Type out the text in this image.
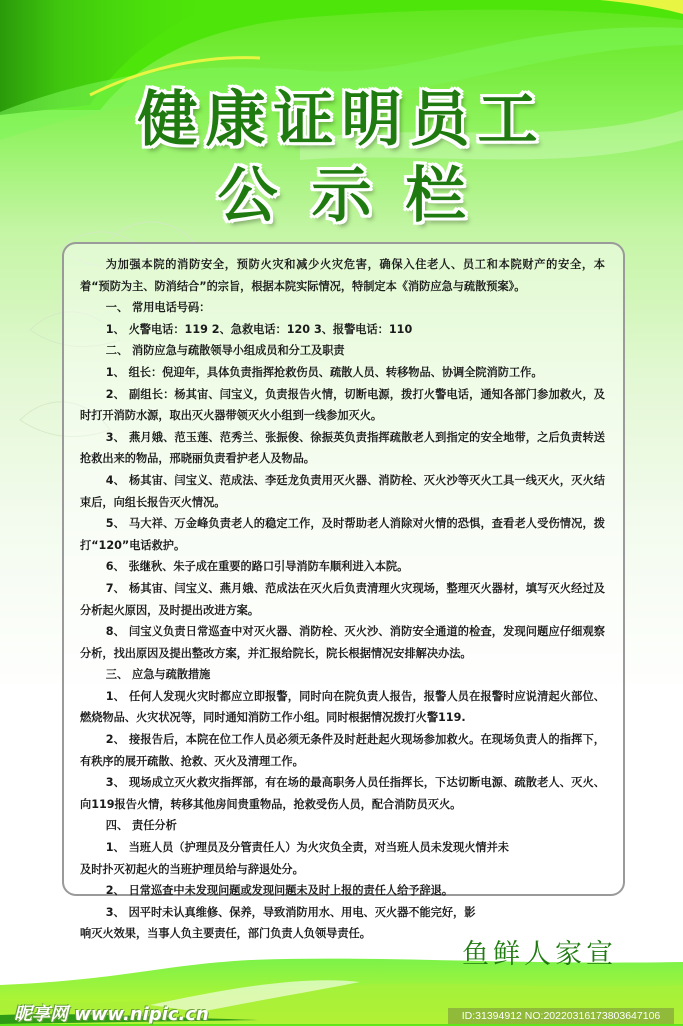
健康证明员工
公示栏

为加强本院的消防安全，预防火灾和减少火灾危害，确保入住老人、员工和本院财产的安全，本着“预防为主、防消结合”的宗旨，根据本院实际情况，特制定本《消防应急与疏散预案》。

一、 常用电话号码：

1、 火警电话：119 2、急救电话：120 3、报警电话：110

二、 消防应急与疏散领导小组成员和分工及职责

1、 组长：倪迎年，具体负责指挥抢救伤员、疏散人员、转移物品、协调全院消防工作。

2、 副组长：杨其宙、闫宝义，负责报告火情，切断电源，拨打火警电话，通知各部门参加救火，及时打开消防水源，取出灭火器带领灭火小组到一线参加灭火。

3、 燕月娥、范玉莲、范秀兰、张振俊、徐振英负责指挥疏散老人到指定的安全地带，之后负责转送抢救出来的物品，邢晓丽负责看护老人及物品。

4、 杨其宙、闫宝义、范成法、李廷龙负责用灭火器、消防栓、灭火沙等灭火工具一线灭火，灭火结束后，向组长报告灭火情况。

5、 马大祥、万金峰负责老人的稳定工作，及时帮助老人消除对火情的恐惧，查看老人受伤情况，拨打“120”电话救护。

6、 张继秋、朱子成在重要的路口引导消防车顺利进入本院。

7、 杨其宙、闫宝义、燕月娥、范成法在灭火后负责清理火灾现场，整理灭火器材，填写灭火经过及分析起火原因，及时提出改进方案。

8、 闫宝义负责日常巡查中对灭火器、消防栓、灭火沙、消防安全通道的检查，发现问题应仔细观察分析，找出原因及提出整改方案，并汇报给院长，院长根据情况安排解决办法。

三、 应急与疏散措施

1、 任何人发现火灾时都应立即报警，同时向在院负责人报告，报警人员在报警时应说清起火部位、燃烧物品、火灾状况等，同时通知消防工作小组。同时根据情况拨打火警119.

2、 接报告后，本院在位工作人员必须无条件及时赶赴起火现场参加救火。在现场负责人的指挥下，有秩序的展开疏散、抢救、灭火及清理工作。

3、 现场成立灭火救灾指挥部，有在场的最高职务人员任指挥长，下达切断电源、疏散老人、灭火、向119报告火情，转移其他房间贵重物品，抢救受伤人员，配合消防员灭火。

四、 责任分析

1、 当班人员（护理员及分管责任人）为火灾负全责，对当班人员未发现火情并未

及时扑灭初起火的当班护理员给与辞退处分。

2、 日常巡查中未发现问题或发现问题未及时上报的责任人给予辞退。

3、 因平时未认真维修、保养，导致消防用水、用电、灭火器不能完好，影

响灭火效果，当事人负主要责任，部门负责人负领导责任。

鱼鲜人家宣
昵享网 www.nipic.cn	ID:31394912 NO:20220316173803647106
